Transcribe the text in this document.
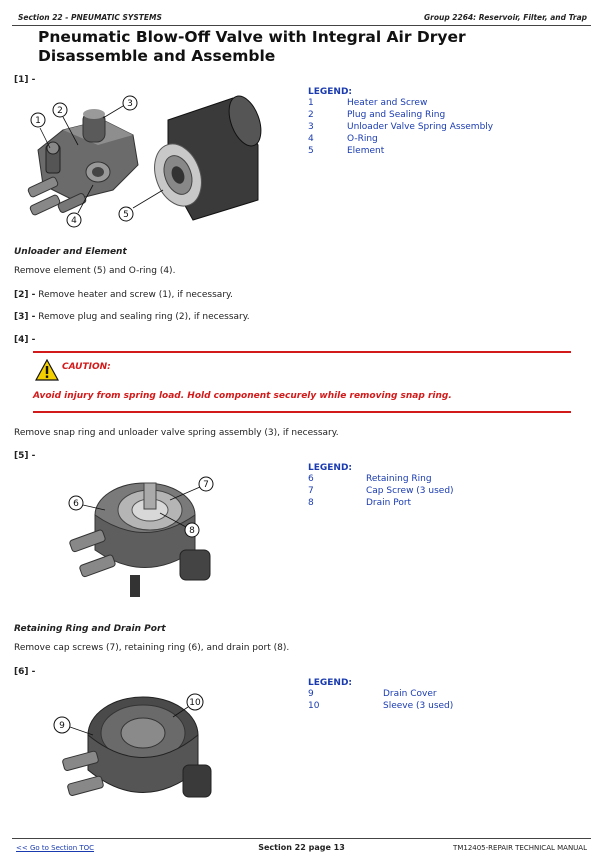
Section 22 - PNEUMATIC SYSTEMS	Group 2264: Reservoir, Filter, and Trap
Pneumatic Blow-Off Valve with Integral Air Dryer Disassemble and Assemble
[1] -
1
2
3
4
5
LEGEND:
1	Heater and Screw
2	Plug and Sealing Ring
3	Unloader Valve Spring Assembly
4	O-Ring
5	Element
Unloader and Element
Remove element (5) and O-ring (4).
[2] - Remove heater and screw (1), if necessary.
[3] - Remove plug and sealing ring (2), if necessary.
[4] -
CAUTION:
Avoid injury from spring load. Hold component securely while removing snap ring.
Remove snap ring and unloader valve spring assembly (3), if necessary.
[5] -
6
7
8
LEGEND:
6	Retaining Ring
7	Cap Screw (3 used)
8	Drain Port
Retaining Ring and Drain Port
Remove cap screws (7), retaining ring (6), and drain port (8).
[6] -
9
10
LEGEND:
9	Drain Cover
10	Sleeve (3 used)
<< Go to Section TOC	Section 22 page 13	TM12405-REPAIR TECHNICAL MANUAL
